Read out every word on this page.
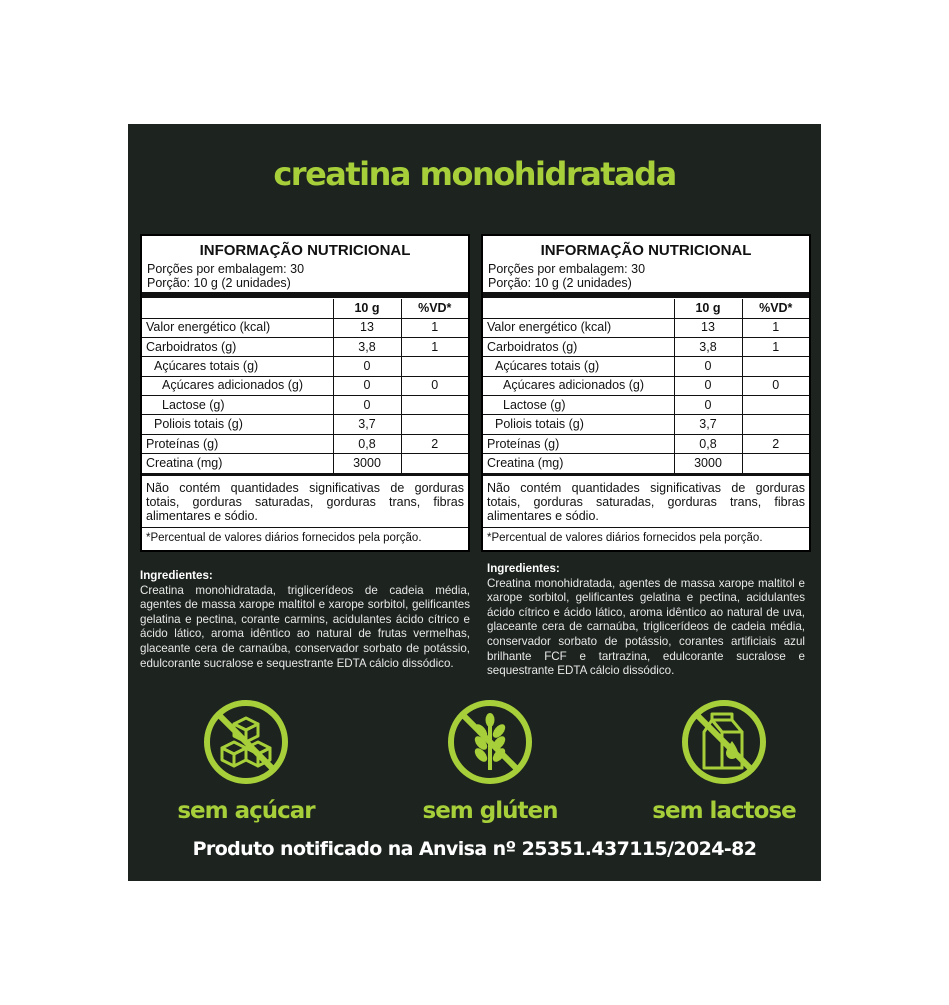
creatina monohidratada
INFORMAÇÃO NUTRICIONAL
Porções por embalagem: 30
Porção: 10 g (2 unidades)
	10 g	%VD*
Valor energético (kcal)	13	1
Carboidratos (g)	3,8	1
Açúcares totais (g)	0	
Açúcares adicionados (g)	0	0
Lactose (g)	0	
Poliois totais (g)	3,7	
Proteínas (g)	0,8	2
Creatina (mg)	3000	
Não contém quantidades significativas de gorduras totais, gorduras saturadas, gorduras trans, fibras alimentares e sódio.
*Percentual de valores diários fornecidos pela porção.
INFORMAÇÃO NUTRICIONAL
Porções por embalagem: 30
Porção: 10 g (2 unidades)
	10 g	%VD*
Valor energético (kcal)	13	1
Carboidratos (g)	3,8	1
Açúcares totais (g)	0	
Açúcares adicionados (g)	0	0
Lactose (g)	0	
Poliois totais (g)	3,7	
Proteínas (g)	0,8	2
Creatina (mg)	3000	
Não contém quantidades significativas de gorduras totais, gorduras saturadas, gorduras trans, fibras alimentares e sódio.
*Percentual de valores diários fornecidos pela porção.
Ingredientes:
Creatina monohidratada, triglicerídeos de cadeia média, agentes de massa xarope maltitol e xarope sorbitol, gelificantes gelatina e pectina, corante carmins, acidulantes ácido cítrico e ácido lático, aroma idêntico ao natural de frutas vermelhas, glaceante cera de carnaúba, conservador sorbato de potássio, edulcorante sucralose e sequestrante EDTA cálcio dissódico.
Ingredientes:
Creatina monohidratada, agentes de massa xarope maltitol e xarope sorbitol, gelificantes gelatina e pectina, acidulantes ácido cítrico e ácido lático, aroma idêntico ao natural de uva, glaceante cera de carnaúba, triglicerídeos de cadeia média, conservador sorbato de potássio, corantes artificiais azul brilhante FCF e tartrazina, edulcorante sucralose e sequestrante EDTA cálcio dissódico.
sem açúcar	sem glúten	sem lactose
Produto notificado na Anvisa nº 25351.437115/2024-82
